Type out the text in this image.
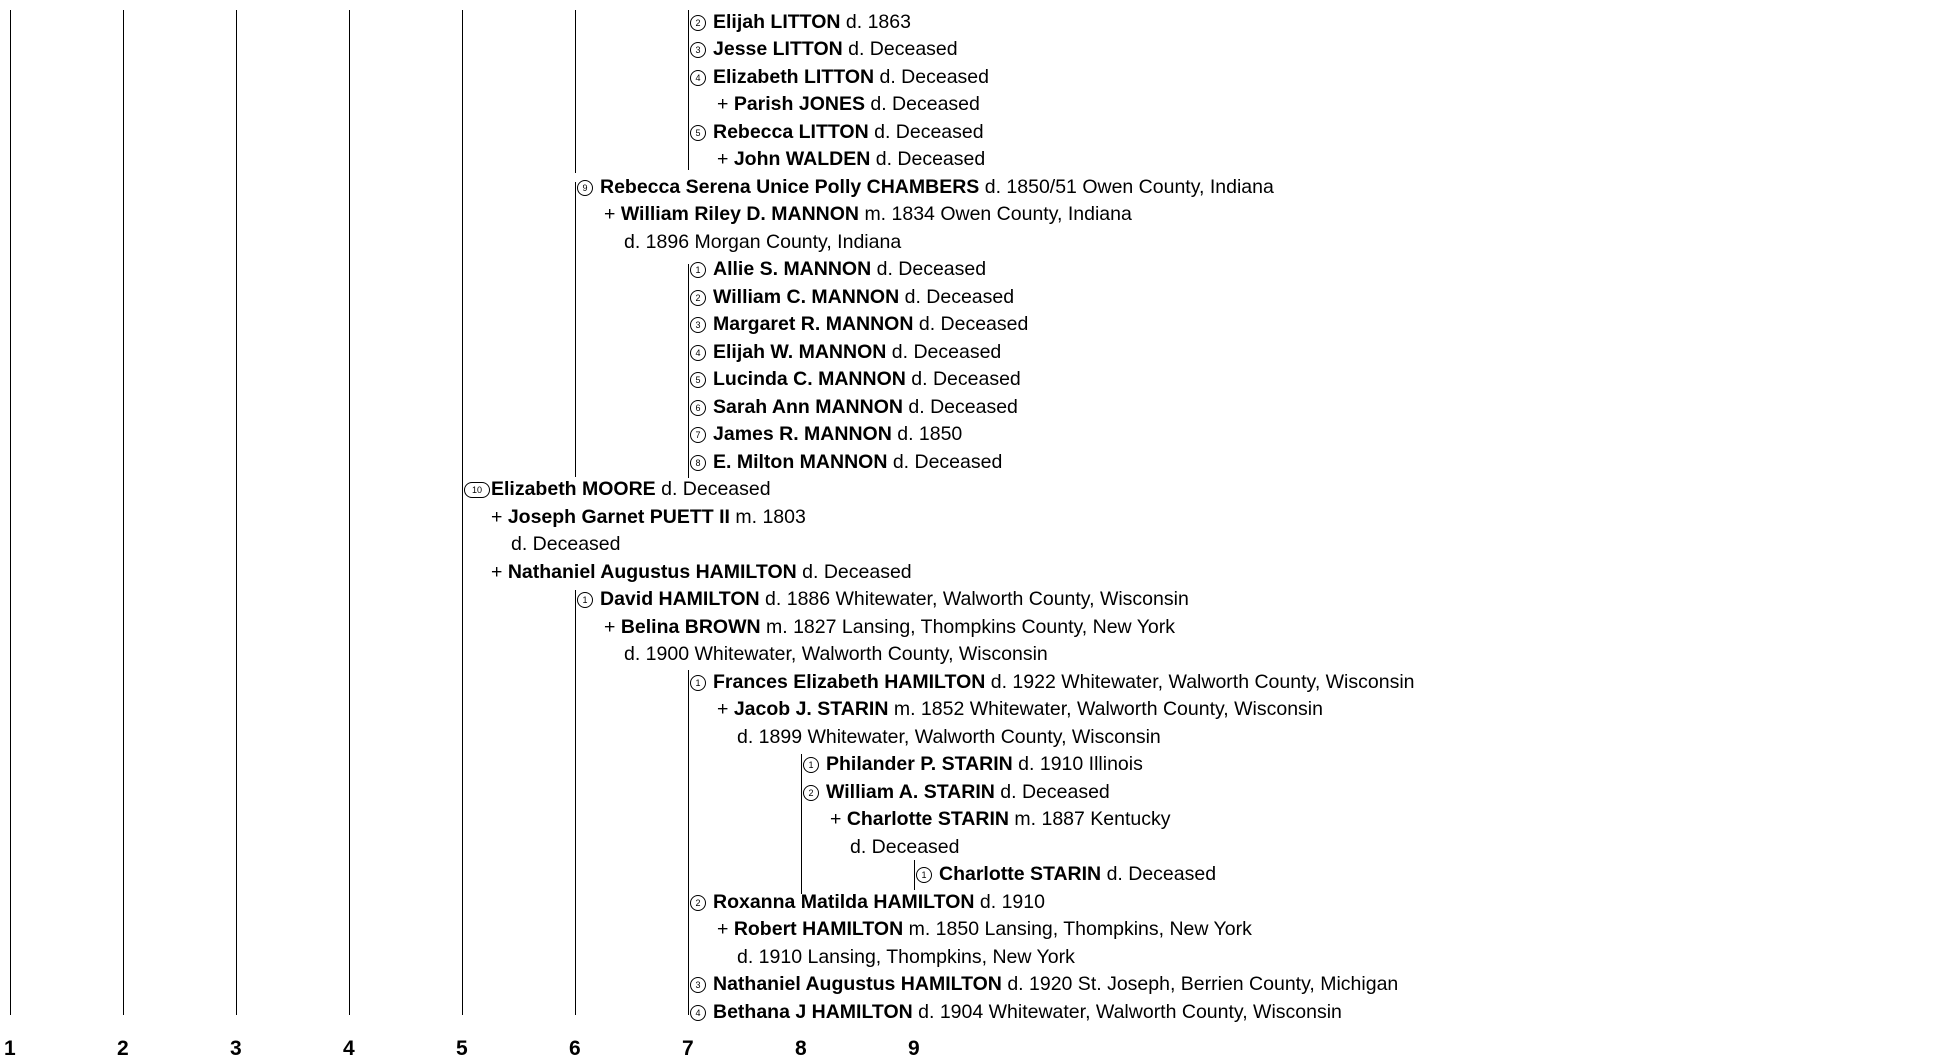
2 Elijah LITTON d. 1863
3 Jesse LITTON d. Deceased
4 Elizabeth LITTON d. Deceased
+ Parish JONES d. Deceased
5 Rebecca LITTON d. Deceased
+ John WALDEN d. Deceased
9 Rebecca Serena Unice Polly CHAMBERS d. 1850/51 Owen County, Indiana
+ William Riley D. MANNON m. 1834 Owen County, Indiana
d. 1896 Morgan County, Indiana
1 Allie S. MANNON d. Deceased
2 William C. MANNON d. Deceased
3 Margaret R. MANNON d. Deceased
4 Elijah W. MANNON d. Deceased
5 Lucinda C. MANNON d. Deceased
6 Sarah Ann MANNON d. Deceased
7 James R. MANNON d. 1850
8 E. Milton MANNON d. Deceased
10 Elizabeth MOORE d. Deceased
+ Joseph Garnet PUETT II m. 1803
d. Deceased
+ Nathaniel Augustus HAMILTON d. Deceased
1 David HAMILTON d. 1886 Whitewater, Walworth County, Wisconsin
+ Belina BROWN m. 1827 Lansing, Thompkins County, New York
d. 1900 Whitewater, Walworth County, Wisconsin
1 Frances Elizabeth HAMILTON d. 1922 Whitewater, Walworth County, Wisconsin
+ Jacob J. STARIN m. 1852 Whitewater, Walworth County, Wisconsin
d. 1899 Whitewater, Walworth County, Wisconsin
1 Philander P. STARIN d. 1910 Illinois
2 William A. STARIN d. Deceased
+ Charlotte STARIN m. 1887 Kentucky
d. Deceased
1 Charlotte STARIN d. Deceased
2 Roxanna Matilda HAMILTON d. 1910
+ Robert HAMILTON m. 1850 Lansing, Thompkins, New York
d. 1910 Lansing, Thompkins, New York
3 Nathaniel Augustus HAMILTON d. 1920 St. Joseph, Berrien County, Michigan
4 Bethana J HAMILTON d. 1904 Whitewater, Walworth County, Wisconsin
1	2	3	4	5	6	7	8	9
